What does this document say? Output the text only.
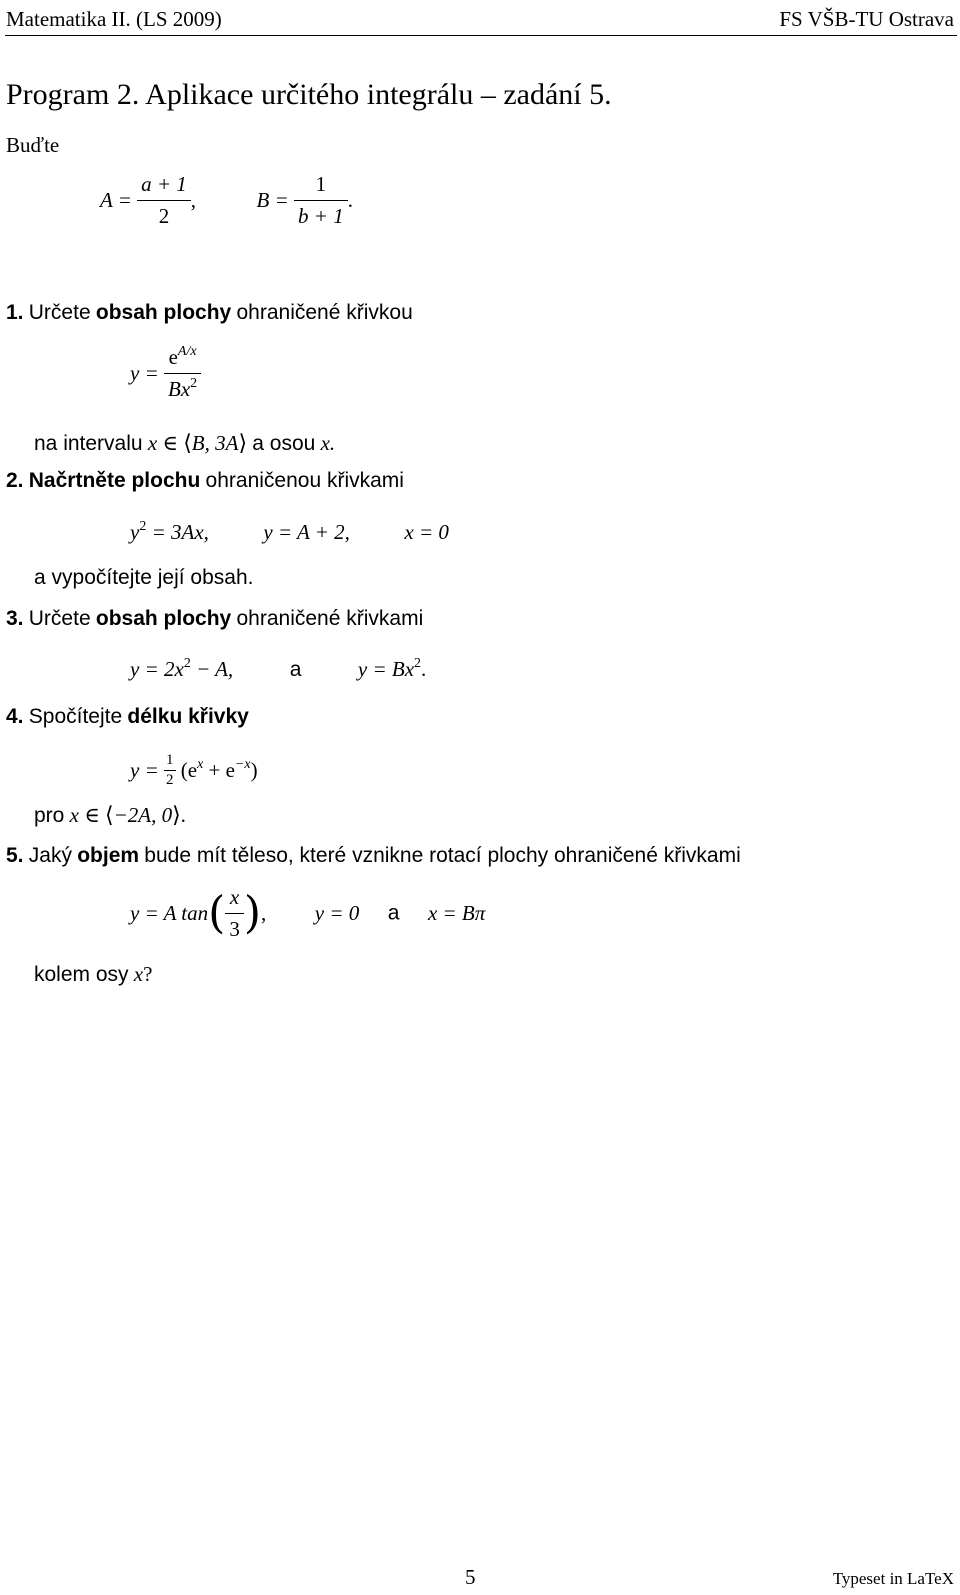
Matematika II. (LS 2009)	FS VŠB-TU Ostrava
Program 2. Aplikace určitého integrálu – zadání 5.
Buďte
$A = \frac{a + 1}{2}$ ,	$B = \frac{1}{b + 1}$ .
1. Určete obsah plochy ohraničené křivkou
$y = \frac{e^{A/x}}{Bx^2}$
na intervalu x ∈ ⟨B, 3A⟩ a osou x.
2. Načrtněte plochu ohraničenou křivkami
$y^2 = 3Ax$,	y = A + 2,	x = 0
a vypočítejte její obsah.
3. Určete obsah plochy ohraničené křivkami
$y = 2x^2 - A$,	a	$y = Bx^2$.
4. Spočítejte délku křivky
$y = \frac{1}{2} (e^x + e^{-x})$
pro x ∈ ⟨−2A, 0⟩.
5. Jaký objem bude mít těleso, které vznikne rotací plochy ohraničené křivkami
y = A $\tan( \frac{x}{3}$ ), y = 0 a x = Bπ
kolem osy x?
5	Typeset in LaTeX
